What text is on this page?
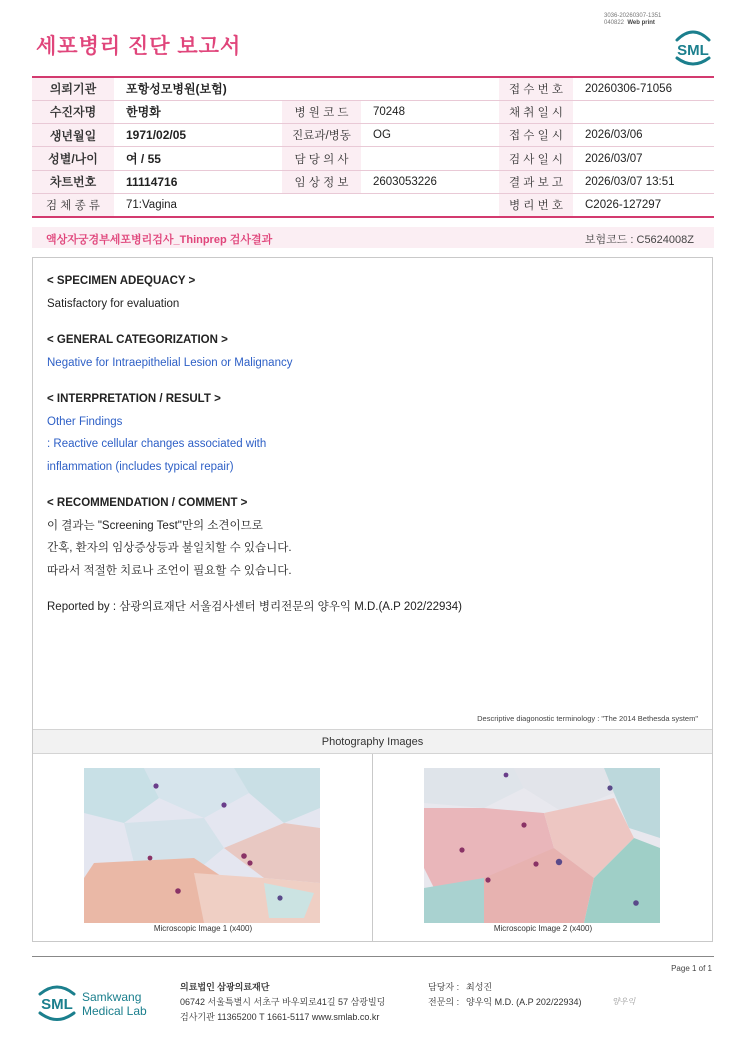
3036-20260307-1351
040822 Web print
세포병리 진단 보고서	SML
의뢰기관	포항성모병원(보험)			접 수 번 호	20260306-71056
수진자명	한명화	병 원 코 드	70248	채 취 일 시	
생년월일	1971/02/05	진료과/병동	OG	접 수 일 시	2026/03/06
성별/나이	여 / 55	담 당 의 사		검 사 일 시	2026/03/07
차트번호	11114716	임 상 정 보	2603053226	결 과 보 고	2026/03/07 13:51
검 체 종 류	71:Vagina			병 리 번 호	C2026-127297
액상자궁경부세포병리검사_Thinprep 검사결과	보험코드 : C5624008Z
< SPECIMEN ADEQUACY >
Satisfactory for evaluation
< GENERAL CATEGORIZATION >
Negative for Intraepithelial Lesion or Malignancy
< INTERPRETATION / RESULT >
Other Findings
: Reactive cellular changes associated with
inflammation (includes typical repair)
< RECOMMENDATION / COMMENT >
이 결과는 "Screening Test"만의 소견이므로
간혹, 환자의 임상증상등과 불일치할 수 있습니다.
따라서 적절한 치료나 조언이 필요할 수 있습니다.
Reported by : 삼광의료재단 서울검사센터 병리전문의 양우익 M.D.(A.P 202/22934)
Descriptive diagonostic terminology : "The 2014 Bethesda system"
Photography Images
Microscopic Image 1 (x400)	Microscopic Image 2 (x400)
Page 1 of 1
SML Samkwang
Medical Lab
의료법인 삼광의료재단
06742 서울특별시 서초구 바우뫼로41길 57 삼광빌딩
검사기관 11365200 T 1661-5117 www.smlab.co.kr
담당자 : 최성진
전문의 : 양우익 M.D. (A.P 202/22934)	양우익
